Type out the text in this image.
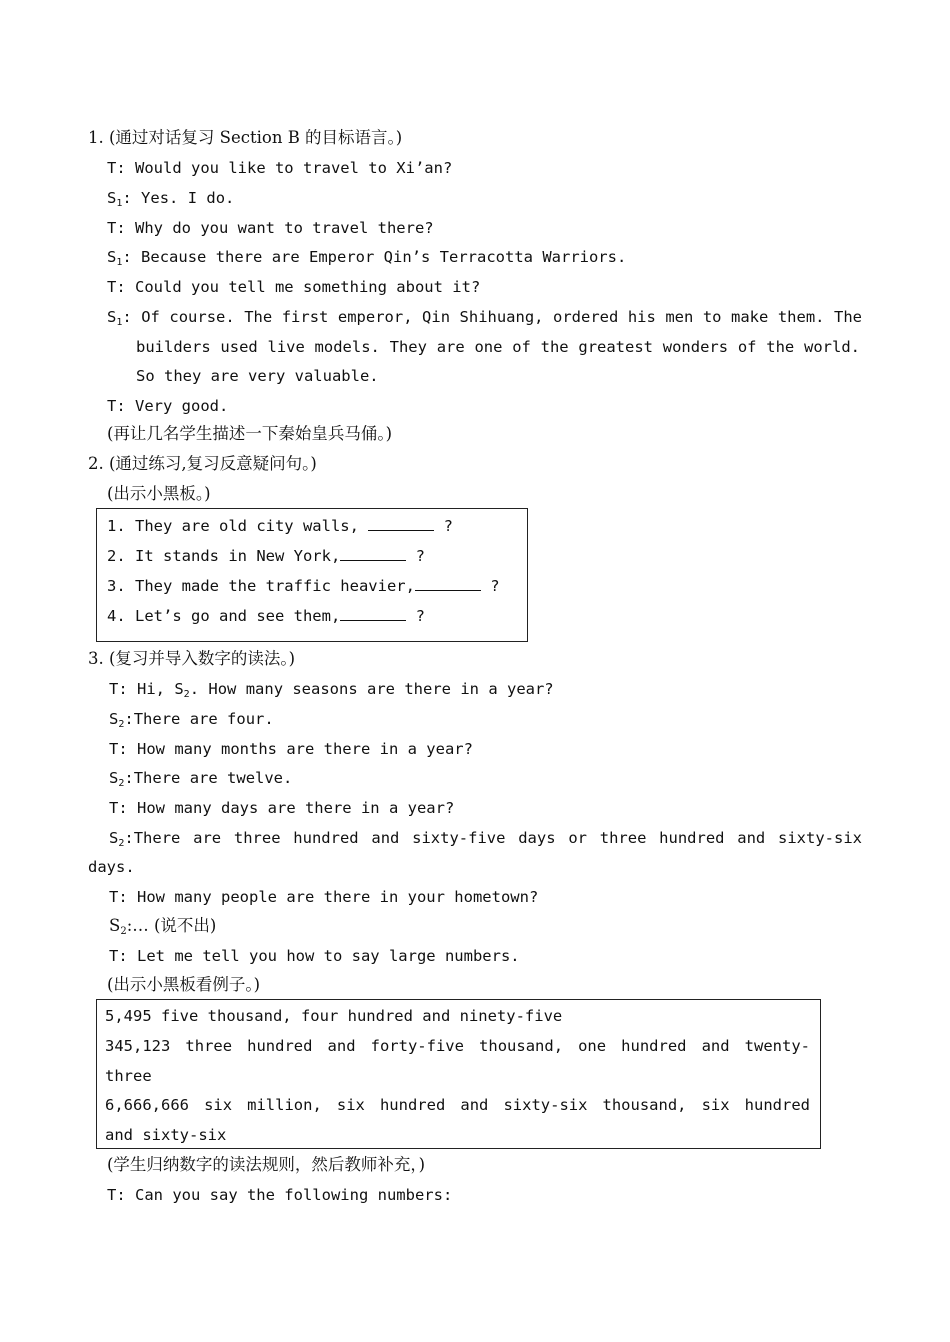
1. (通过对话复习 Section B 的目标语言。)
T: Would you like to travel to Xi’an?
$S_1$: Yes. I do.
T: Why do you want to travel there?
$S_1$: Because there are Emperor Qin’s Terracotta Warriors.
T: Could you tell me something about it?
$S_1$: Of course. The first emperor, Qin Shihuang, ordered his men to make them. The
builders used live models. They are one of the greatest wonders of the world.
So they are very valuable.
T: Very good.
(再让几名学生描述一下秦始皇兵马俑。)
2. (通过练习,复习反意疑问句。)
(出示小黑板。)
1. They are old city walls,	?
2. It stands in New York,	?
3. They made the traffic heavier,	?
4. Let’s go and see them,	?
3. (复习并导入数字的读法。)
T: Hi, $S_2$. How many seasons are there in a year?
$S_2:There$ are four.
T: How many months are there in a year?
$S_2:There$ are twelve.
T: How many days are there in a year?
$S_2:There$ are three hundred and sixty-five days or three hundred and sixty-six
days.
T: How many people are there in your hometown?
$S_2:\dots$ (说不出)
T: Let me tell you how to say large numbers.
(出示小黑板看例子。)
5,495 five thousand, four hundred and ninety-five
345,123 three hundred and forty-five thousand, one hundred and twenty-
three
6,666,666 six million, six hundred and sixty-six thousand, six hundred
and sixty-six
(学生归纳数字的读法规则，然后教师补充，)
T: Can you say the following numbers:
